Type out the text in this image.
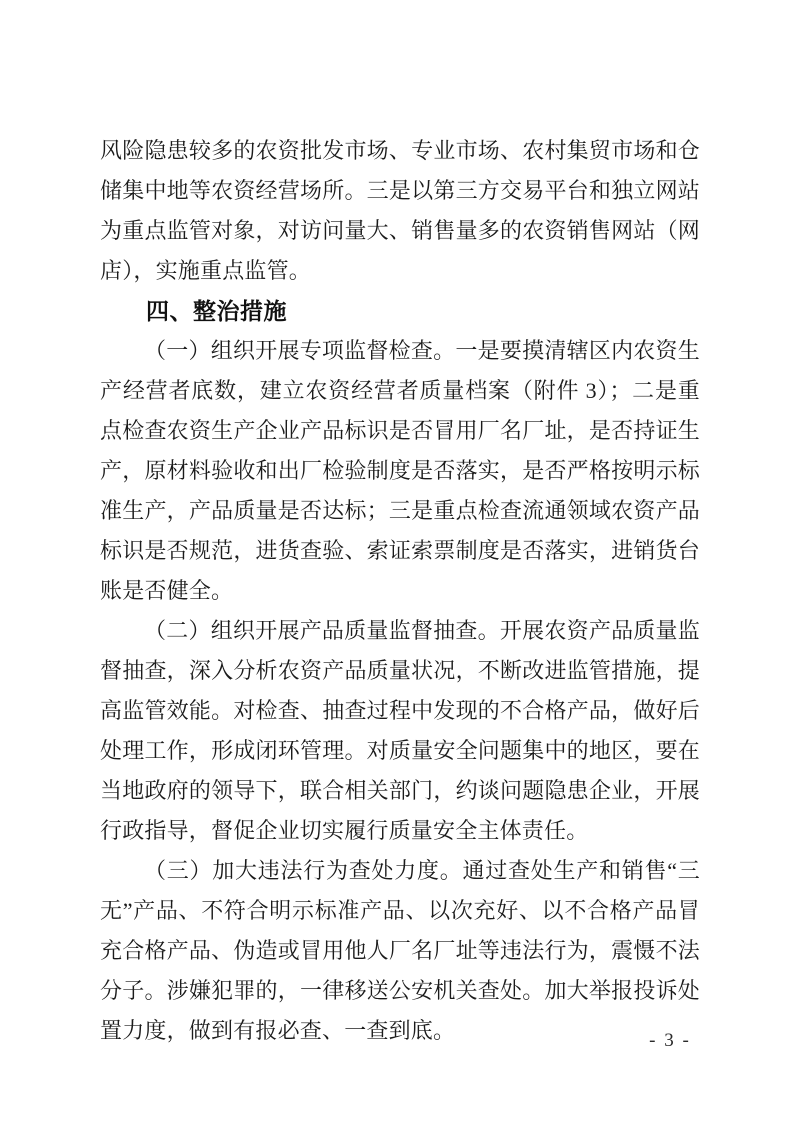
风险隐患较多的农资批发市场、专业市场、农村集贸市场和仓储集中地等农资经营场所。三是以第三方交易平台和独立网站为重点监管对象，对访问量大、销售量多的农资销售网站（网店），实施重点监管。

四、整治措施

（一）组织开展专项监督检查。一是要摸清辖区内农资生产经营者底数，建立农资经营者质量档案（附件 3）；二是重点检查农资生产企业产品标识是否冒用厂名厂址，是否持证生产，原材料验收和出厂检验制度是否落实，是否严格按明示标准生产，产品质量是否达标；三是重点检查流通领域农资产品标识是否规范，进货查验、索证索票制度是否落实，进销货台账是否健全。

（二）组织开展产品质量监督抽查。开展农资产品质量监督抽查，深入分析农资产品质量状况，不断改进监管措施，提高监管效能。对检查、抽查过程中发现的不合格产品，做好后处理工作，形成闭环管理。对质量安全问题集中的地区，要在当地政府的领导下，联合相关部门，约谈问题隐患企业，开展行政指导，督促企业切实履行质量安全主体责任。

（三）加大违法行为查处力度。通过查处生产和销售“三无”产品、不符合明示标准产品、以次充好、以不合格产品冒充合格产品、伪造或冒用他人厂名厂址等违法行为，震慑不法分子。涉嫌犯罪的，一律移送公安机关查处。加大举报投诉处置力度，做到有报必查、一查到底。	- 3 -
